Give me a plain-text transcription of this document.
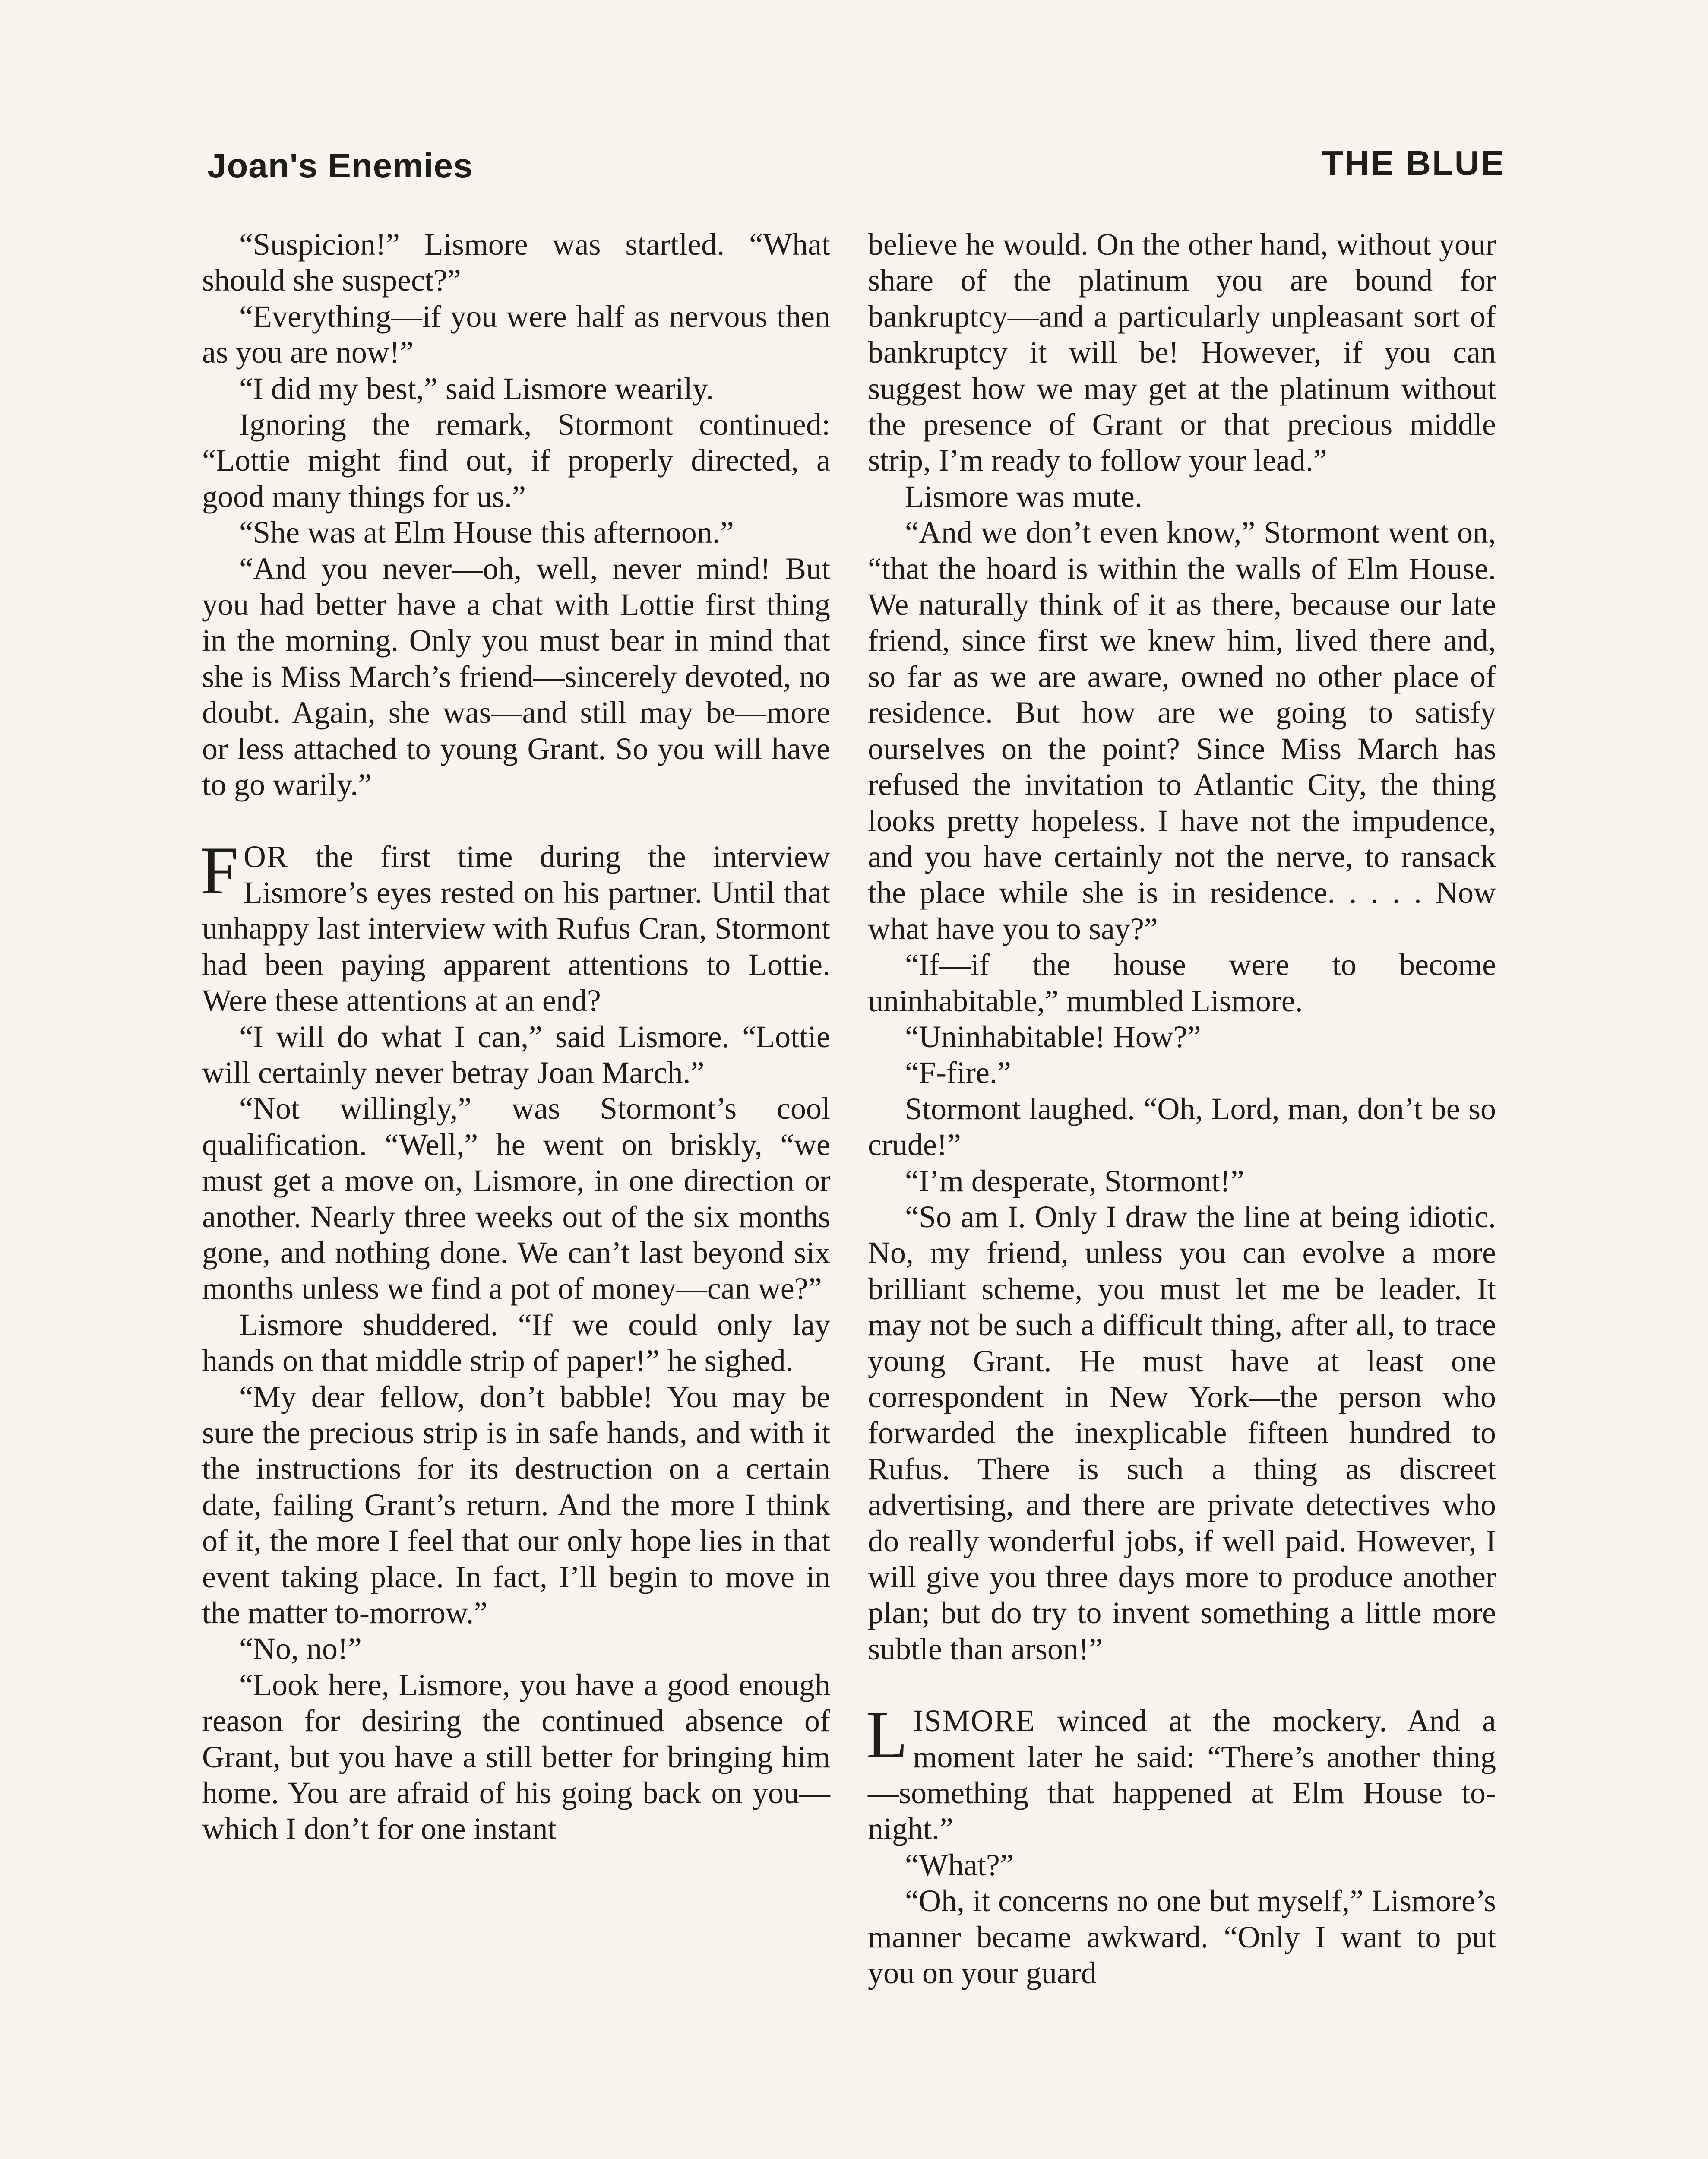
Joan's Enemies	THE BLUE

“Suspicion!” Lismore was startled. “What should she suspect?”

“Everything—if you were half as nervous then as you are now!”

“I did my best,” said Lismore wearily.

Ignoring the remark, Stormont continued: “Lottie might find out, if properly directed, a good many things for us.”

“She was at Elm House this afternoon.”

“And you never—oh, well, never mind! But you had better have a chat with Lottie first thing in the morning. Only you must bear in mind that she is Miss March’s friend—sincerely devoted, no doubt. Again, she was—and still may be—more or less attached to young Grant. So you will have to go warily.”

FOR the first time during the interview Lismore’s eyes rested on his partner. Until that unhappy last interview with Rufus Cran, Stormont had been paying apparent attentions to Lottie. Were these attentions at an end?

“I will do what I can,” said Lismore. “Lottie will certainly never betray Joan March.”

“Not willingly,” was Stormont’s cool qualification. “Well,” he went on briskly, “we must get a move on, Lismore, in one direction or another. Nearly three weeks out of the six months gone, and nothing done. We can’t last beyond six months unless we find a pot of money—can we?”

Lismore shuddered. “If we could only lay hands on that middle strip of paper!” he sighed.

“My dear fellow, don’t babble! You may be sure the precious strip is in safe hands, and with it the instructions for its destruction on a certain date, failing Grant’s return. And the more I think of it, the more I feel that our only hope lies in that event taking place. In fact, I’ll begin to move in the matter to-morrow.”

“No, no!”

“Look here, Lismore, you have a good enough reason for desiring the continued absence of Grant, but you have a still better for bringing him home. You are afraid of his going back on you—which I don’t for one instant

believe he would. On the other hand, without your share of the platinum you are bound for bankruptcy—and a particularly unpleasant sort of bankruptcy it will be! However, if you can suggest how we may get at the platinum without the presence of Grant or that precious middle strip, I’m ready to follow your lead.”

Lismore was mute.

“And we don’t even know,” Stormont went on, “that the hoard is within the walls of Elm House. We naturally think of it as there, because our late friend, since first we knew him, lived there and, so far as we are aware, owned no other place of residence. But how are we going to satisfy ourselves on the point? Since Miss March has refused the invitation to Atlantic City, the thing looks pretty hopeless. I have not the impudence, and you have certainly not the nerve, to ransack the place while she is in residence. . . . . Now what have you to say?”

“If—if the house were to become uninhabitable,” mumbled Lismore.

“Uninhabitable! How?”

“F-fire.”

Stormont laughed. “Oh, Lord, man, don’t be so crude!”

“I’m desperate, Stormont!”

“So am I. Only I draw the line at being idiotic. No, my friend, unless you can evolve a more brilliant scheme, you must let me be leader. It may not be such a difficult thing, after all, to trace young Grant. He must have at least one correspondent in New York—the person who forwarded the inexplicable fifteen hundred to Rufus. There is such a thing as discreet advertising, and there are private detectives who do really wonderful jobs, if well paid. However, I will give you three days more to produce another plan; but do try to invent something a little more subtle than arson!”

LISMORE winced at the mockery. And a moment later he said: “There’s another thing—something that happened at Elm House to-night.”

“What?”

“Oh, it concerns no one but myself,” Lismore’s manner became awkward. “Only I want to put you on your guard
